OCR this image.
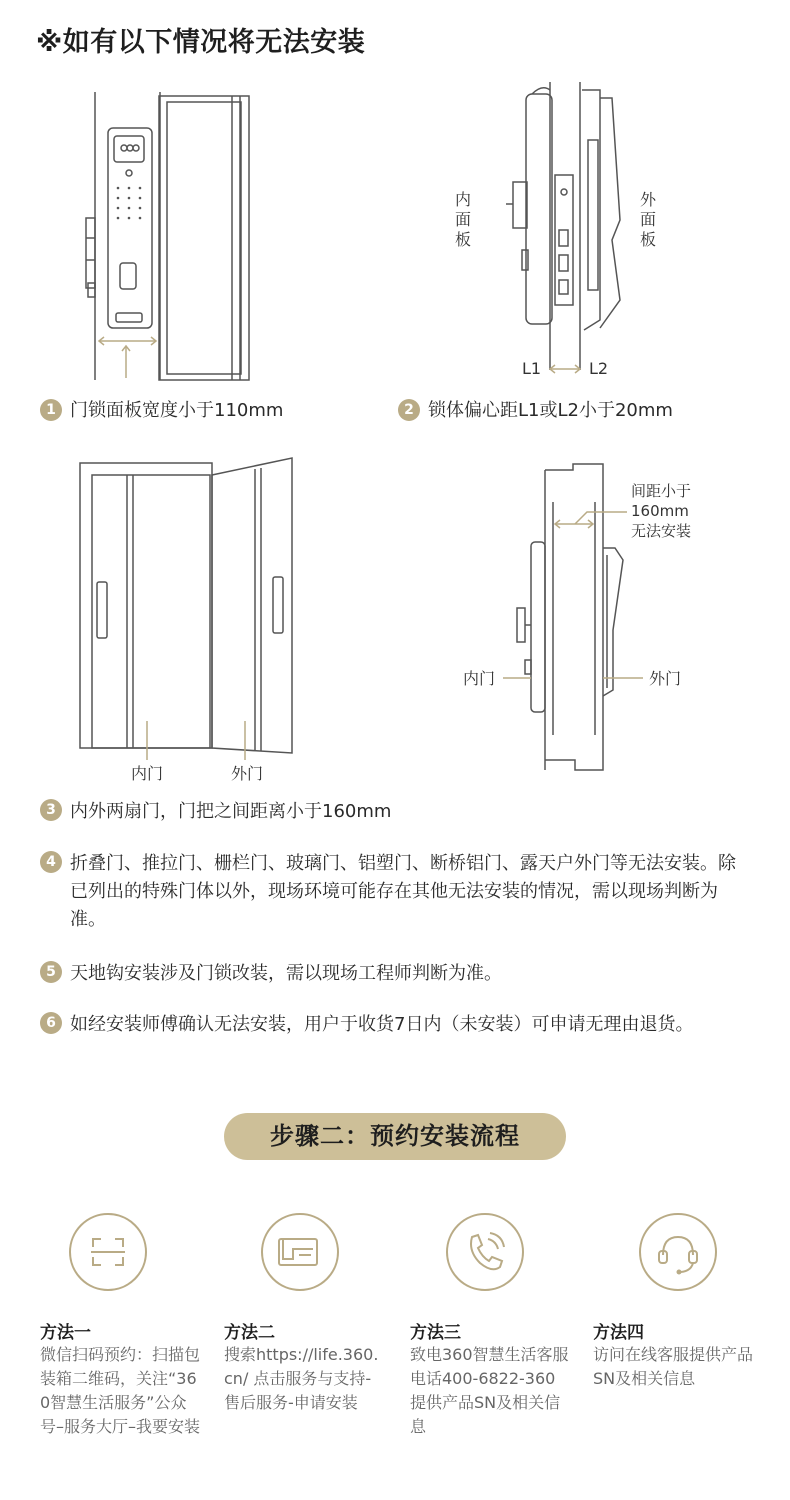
※如有以下情况将无法安装
1 门锁面板宽度小于110mm
内
面
板
外
面
板
L1	L2
2 锁体偏心距L1或L2小于20mm
内门	外门
间距小于
160mm
无法安装
内门	外门
3 内外两扇门，门把之间距离小于160mm
4 折叠门、推拉门、栅栏门、玻璃门、铝塑门、断桥铝门、露天户外门等无法安装。除已列出的特殊门体以外，现场环境可能存在其他无法安装的情况，需以现场判断为准。
5 天地钩安装涉及门锁改装，需以现场工程师判断为准。
6 如经安装师傅确认无法安装，用户于收货7日内（未安装）可申请无理由退货。
步骤二：预约安装流程
方法一
微信扫码预约：扫描包装箱二维码，关注“360智慧生活服务”公众号–服务大厅–我要安装
方法二
搜索https://life.360.cn/ 点击服务与支持-售后服务-申请安装
方法三
致电360智慧生活客服电话400-6822-360提供产品SN及相关信息
方法四
访问在线客服提供产品SN及相关信息
